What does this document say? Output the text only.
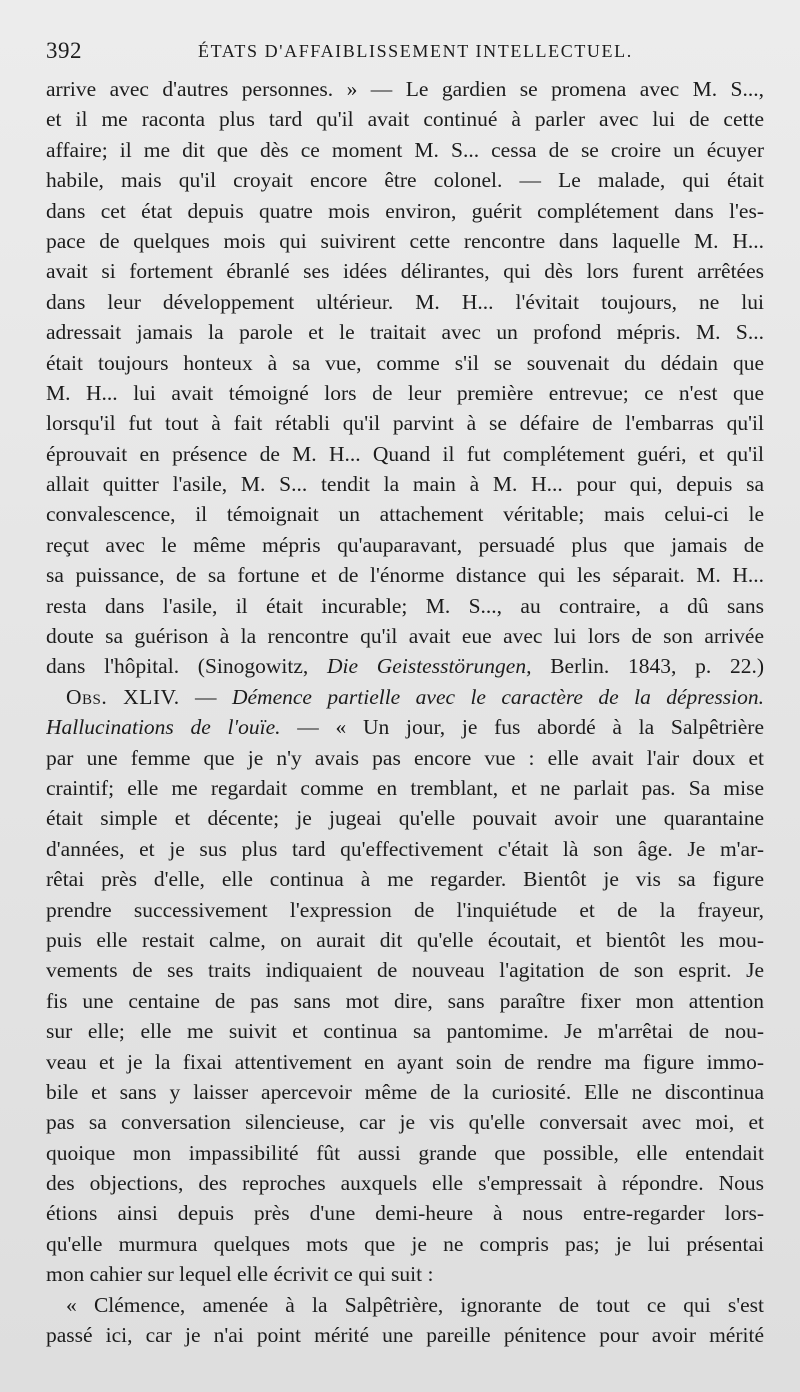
392	ÉTATS D'AFFAIBLISSEMENT INTELLECTUEL.
arrive avec d'autres personnes. » — Le gardien se promena avec M. S...,
et il me raconta plus tard qu'il avait continué à parler avec lui de cette
affaire; il me dit que dès ce moment M. S... cessa de se croire un écuyer
habile, mais qu'il croyait encore être colonel. — Le malade, qui était
dans cet état depuis quatre mois environ, guérit complétement dans l'es-
pace de quelques mois qui suivirent cette rencontre dans laquelle M. H...
avait si fortement ébranlé ses idées délirantes, qui dès lors furent arrêtées
dans leur développement ultérieur. M. H... l'évitait toujours, ne lui
adressait jamais la parole et le traitait avec un profond mépris. M. S...
était toujours honteux à sa vue, comme s'il se souvenait du dédain que
M. H... lui avait témoigné lors de leur première entrevue; ce n'est que
lorsqu'il fut tout à fait rétabli qu'il parvint à se défaire de l'embarras qu'il
éprouvait en présence de M. H... Quand il fut complétement guéri, et qu'il
allait quitter l'asile, M. S... tendit la main à M. H... pour qui, depuis sa
convalescence, il témoignait un attachement véritable; mais celui-ci le
reçut avec le même mépris qu'auparavant, persuadé plus que jamais de
sa puissance, de sa fortune et de l'énorme distance qui les séparait. M. H...
resta dans l'asile, il était incurable; M. S..., au contraire, a dû sans
doute sa guérison à la rencontre qu'il avait eue avec lui lors de son arrivée
dans l'hôpital. (Sinogowitz, Die Geistesstörungen, Berlin. 1843, p. 22.)
Obs. XLIV. — Démence partielle avec le caractère de la dépression.
Hallucinations de l'ouïe. — « Un jour, je fus abordé à la Salpêtrière
par une femme que je n'y avais pas encore vue : elle avait l'air doux et
craintif; elle me regardait comme en tremblant, et ne parlait pas. Sa mise
était simple et décente; je jugeai qu'elle pouvait avoir une quarantaine
d'années, et je sus plus tard qu'effectivement c'était là son âge. Je m'ar-
rêtai près d'elle, elle continua à me regarder. Bientôt je vis sa figure
prendre successivement l'expression de l'inquiétude et de la frayeur,
puis elle restait calme, on aurait dit qu'elle écoutait, et bientôt les mou-
vements de ses traits indiquaient de nouveau l'agitation de son esprit. Je
fis une centaine de pas sans mot dire, sans paraître fixer mon attention
sur elle; elle me suivit et continua sa pantomime. Je m'arrêtai de nou-
veau et je la fixai attentivement en ayant soin de rendre ma figure immo-
bile et sans y laisser apercevoir même de la curiosité. Elle ne discontinua
pas sa conversation silencieuse, car je vis qu'elle conversait avec moi, et
quoique mon impassibilité fût aussi grande que possible, elle entendait
des objections, des reproches auxquels elle s'empressait à répondre. Nous
étions ainsi depuis près d'une demi-heure à nous entre-regarder lors-
qu'elle murmura quelques mots que je ne compris pas; je lui présentai
mon cahier sur lequel elle écrivit ce qui suit :
« Clémence, amenée à la Salpêtrière, ignorante de tout ce qui s'est
passé ici, car je n'ai point mérité une pareille pénitence pour avoir mérité
